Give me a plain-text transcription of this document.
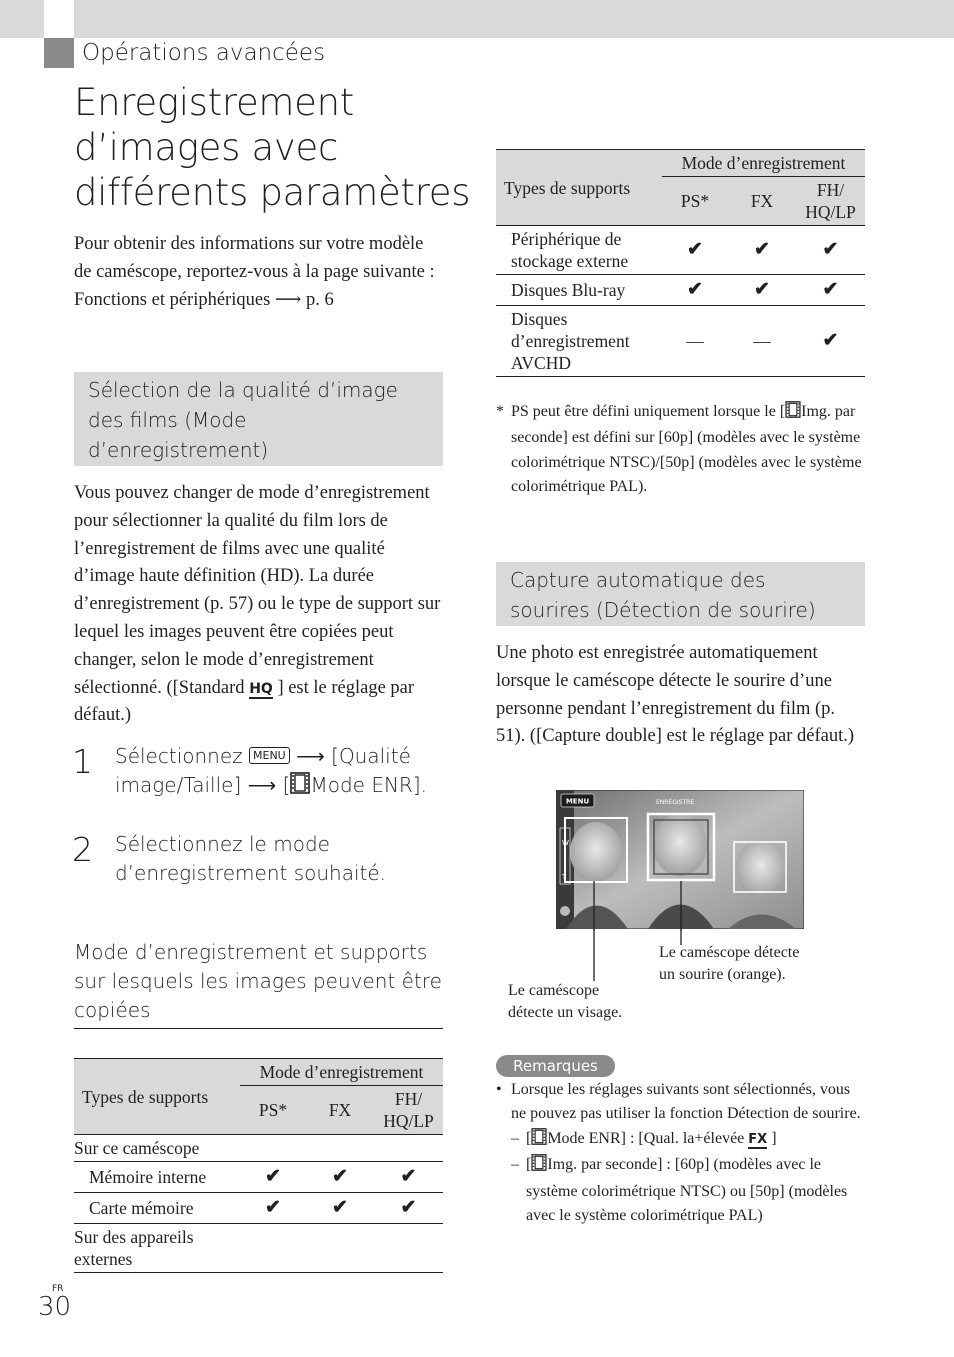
Opérations avancées
Enregistrement d’images avec différents paramètres
Pour obtenir des informations sur votre modèle de caméscope, reportez-vous à la page suivante :
Fonctions et périphériques ⟶ p. 6
Sélection de la qualité d’image des films (Mode d’enregistrement)
Vous pouvez changer de mode d’enregistrement pour sélectionner la qualité du film lors de l’enregistrement de films avec une qualité d’image haute définition (HD). La durée d’enregistrement (p. 57) ou le type de support sur lequel les images peuvent être copiées peut changer, selon le mode d’enregistrement sélectionné. ([Standard HQ ] est le réglage par défaut.)
1 Sélectionnez MENU ⟶ [Qualité image/Taille] ⟶ [ Mode ENR].
2 Sélectionnez le mode d’enregistrement souhaité.
Mode d’enregistrement et supports sur lesquels les images peuvent être copiées
Types de supports	Mode d’enregistrement		
	PS*	FX	FH/
HQ/LP
Sur ce caméscope			
Mémoire interne	✔	✔	✔
Carte mémoire	✔	✔	✔
Sur des appareils externes			
Types de supports	Mode d’enregistrement		
	PS*	FX	FH/
HQ/LP
Périphérique de stockage externe	✔	✔	✔
Disques Blu-ray	✔	✔	✔
Disques d’enregistrement AVCHD	—	—	✔
* PS peut être défini uniquement lorsque le [ Img. par seconde] est défini sur [60p] (modèles avec le système colorimétrique NTSC)/[50p] (modèles avec le système colorimétrique PAL).
Capture automatique des sourires (Détection de sourire)
Une photo est enregistrée automatiquement lorsque le caméscope détecte le sourire d’une personne pendant l’enregistrement du film (p. 51). ([Capture double] est le réglage par défaut.)
MENU	ENREGISTRE
W
T
Le caméscope
détecte un visage.
Le caméscope détecte
un sourire (orange).
Remarques
• Lorsque les réglages suivants sont sélectionnés, vous ne pouvez pas utiliser la fonction Détection de sourire.
– [ Mode ENR] : [Qual. la+élevée FX ]
– [ Img. par seconde] : [60p] (modèles avec le système colorimétrique NTSC) ou [50p] (modèles avec le système colorimétrique PAL)
FR
30
